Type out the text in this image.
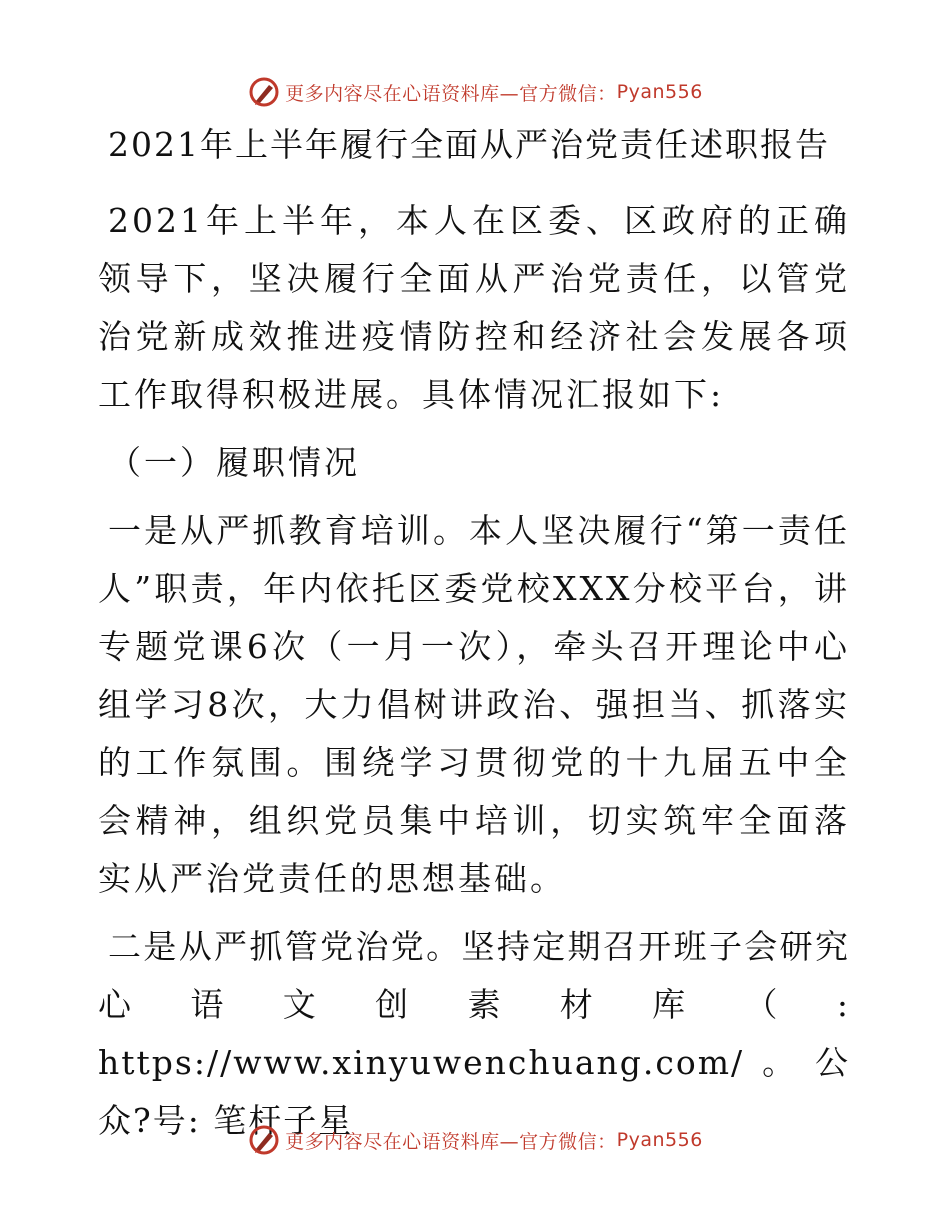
更多内容尽在心语资料库—官方微信： Pyan556
2021年上半年履行全面从严治党责任述职报告

2021年上半年，本人在区委、区政府的正确领导下，坚决履行全面从严治党责任，以管党治党新成效推进疫情防控和经济社会发展各项工作取得积极进展。具体情况汇报如下:

（一）履职情况

一是从严抓教育培训。本人坚决履行“第一责任人”职责，年内依托区委党校XXX分校平台，讲专题党课6次（一月一次），牵头召开理论中心组学习8次，大力倡树讲政治、强担当、抓落实的工作氛围。围绕学习贯彻党的十九届五中全会精神，组织党员集中培训，切实筑牢全面落实从严治党责任的思想基础。

二是从严抓管党治党。坚持定期召开班子会研究心语文创素材库（: https://www.xinyuwenchuang.com/。公众?号: 笔杆子星

更多内容尽在心语资料库—官方微信： Pyan556
